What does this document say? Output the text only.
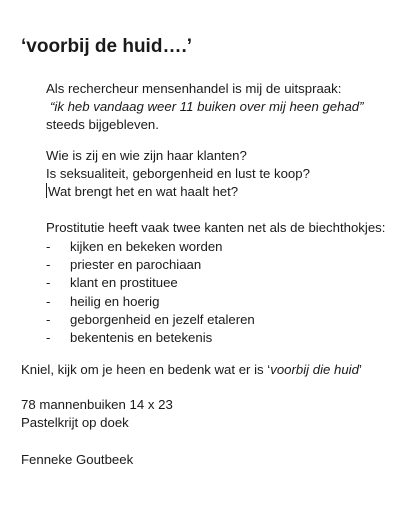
‘voorbij de huid….’
Als rechercheur mensenhandel is mij de uitspraak:
“ik heb vandaag weer 11 buiken over mij heen gehad”
steeds bijgebleven.
Wie is zij en wie zijn haar klanten?
Is seksualiteit, geborgenheid en lust te koop?
Wat brengt het en wat haalt het?
Prostitutie heeft vaak twee kanten net als de biechthokjes:
- kijken en bekeken worden
- priester en parochiaan
- klant en prostituee
- heilig en hoerig
- geborgenheid en jezelf etaleren
- bekentenis en betekenis
Kniel, kijk om je heen en bedenk wat er is ‘voorbij die huid’
78 mannenbuiken 14 x 23
Pastelkrijt op doek
Fenneke Goutbeek
